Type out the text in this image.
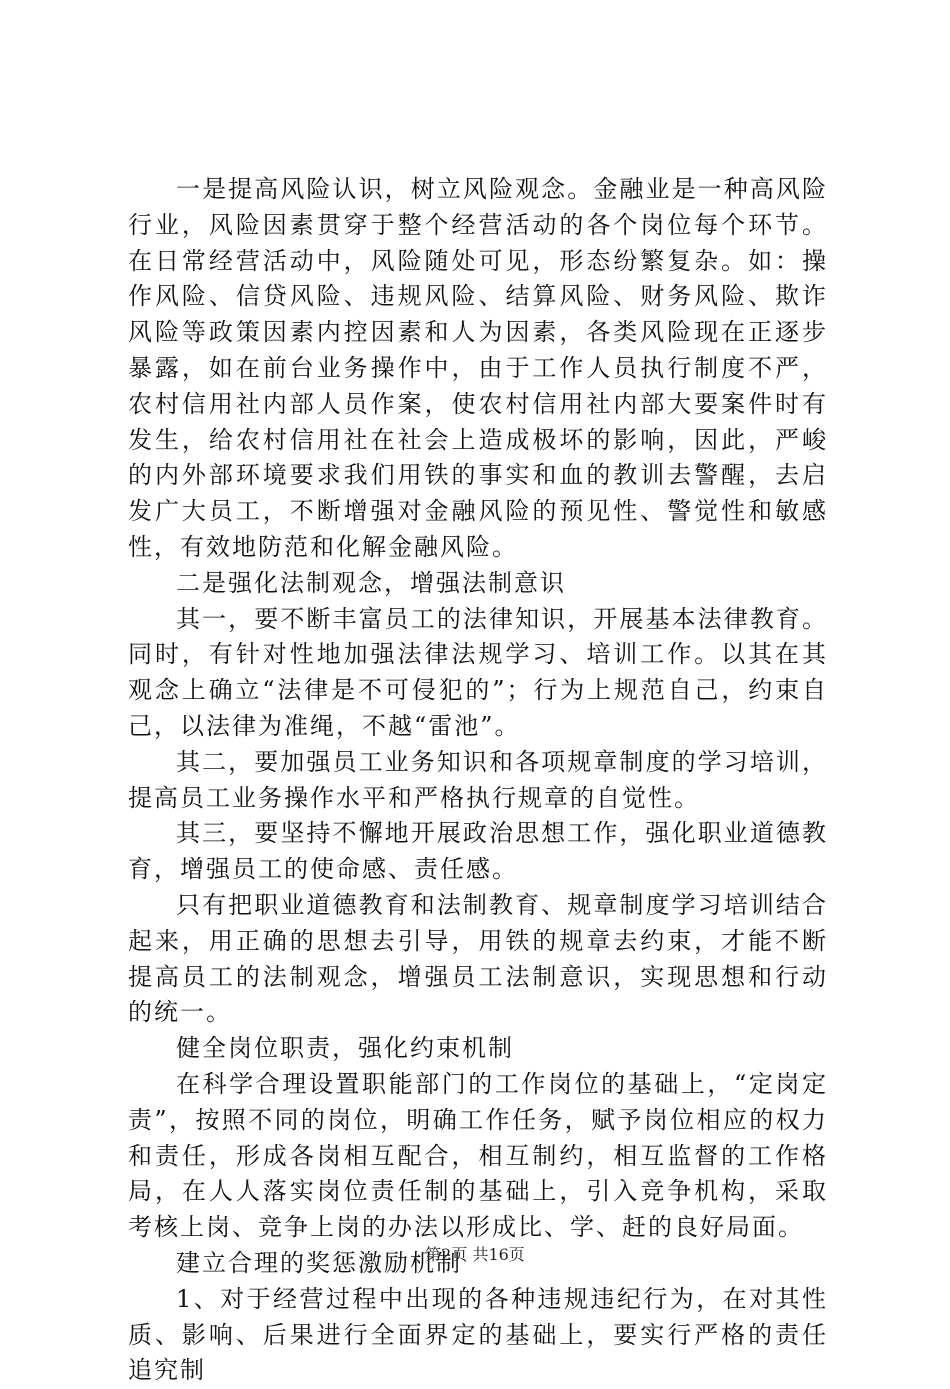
一是提高风险认识，树立风险观念。金融业是一种高风险行业，风险因素贯穿于整个经营活动的各个岗位每个环节。在日常经营活动中，风险随处可见，形态纷繁复杂。如：操作风险、信贷风险、违规风险、结算风险、财务风险、欺诈风险等政策因素内控因素和人为因素，各类风险现在正逐步暴露，如在前台业务操作中，由于工作人员执行制度不严，农村信用社内部人员作案，使农村信用社内部大要案件时有发生，给农村信用社在社会上造成极坏的影响，因此，严峻的内外部环境要求我们用铁的事实和血的教训去警醒，去启发广大员工，不断增强对金融风险的预见性、警觉性和敏感性，有效地防范和化解金融风险。

二是强化法制观念，增强法制意识

其一，要不断丰富员工的法律知识，开展基本法律教育。同时，有针对性地加强法律法规学习、培训工作。以其在其观念上确立“法律是不可侵犯的”；行为上规范自己，约束自己，以法律为准绳，不越“雷池”。

其二，要加强员工业务知识和各项规章制度的学习培训，提高员工业务操作水平和严格执行规章的自觉性。

其三，要坚持不懈地开展政治思想工作，强化职业道德教育，增强员工的使命感、责任感。

只有把职业道德教育和法制教育、规章制度学习培训结合起来，用正确的思想去引导，用铁的规章去约束，才能不断提高员工的法制观念，增强员工法制意识，实现思想和行动的统一。

健全岗位职责，强化约束机制

在科学合理设置职能部门的工作岗位的基础上，“定岗定责”，按照不同的岗位，明确工作任务，赋予岗位相应的权力和责任，形成各岗相互配合，相互制约，相互监督的工作格局，在人人落实岗位责任制的基础上，引入竞争机构，采取考核上岗、竞争上岗的办法以形成比、学、赶的良好局面。

建立合理的奖惩激励机制

1、对于经营过程中出现的各种违规违纪行为，在对其性质、影响、后果进行全面界定的基础上，要实行严格的责任追究制

第2页 共16页
